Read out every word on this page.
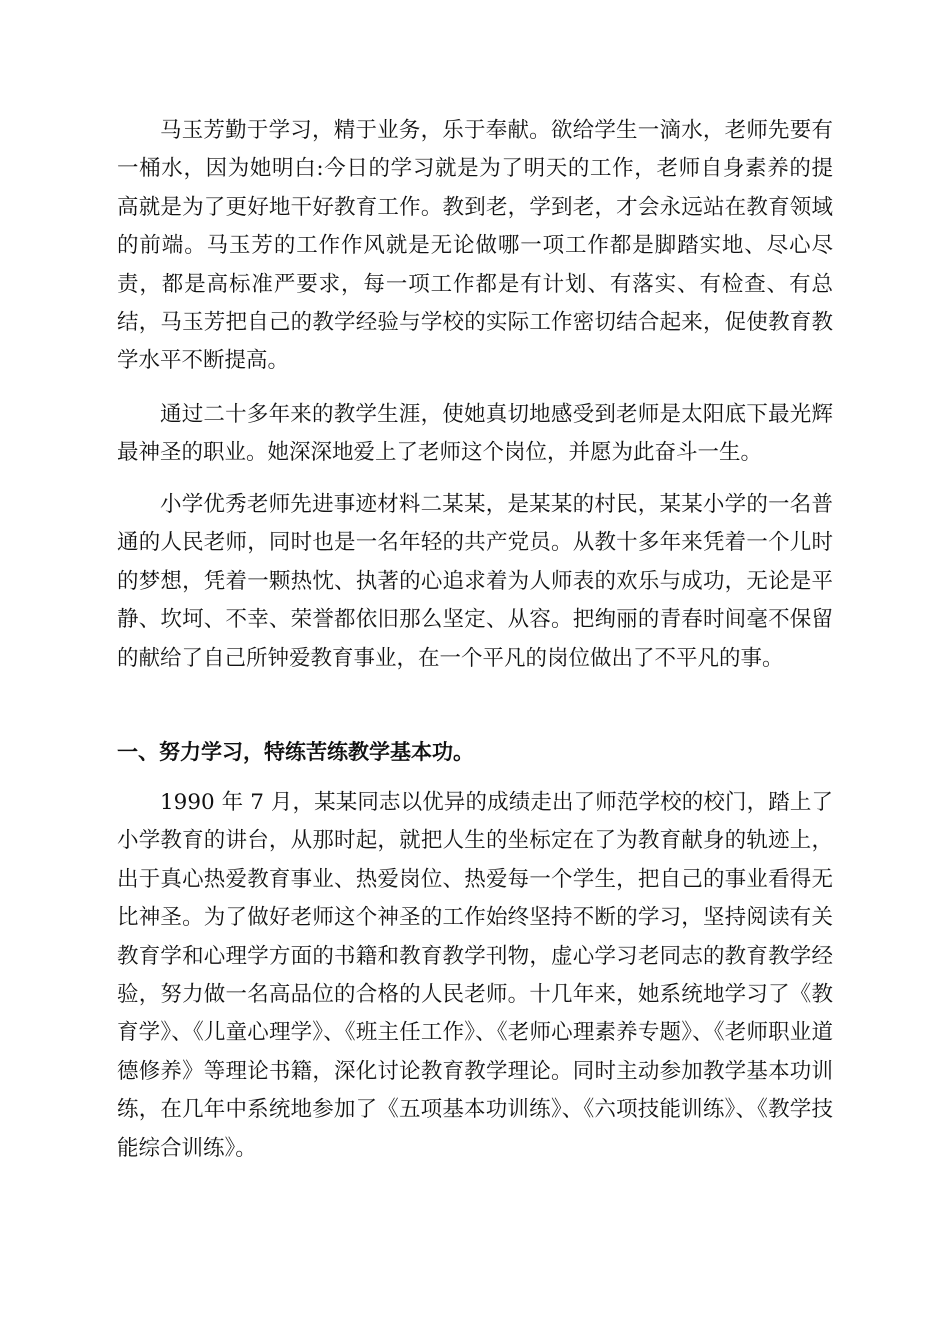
马玉芳勤于学习，精于业务，乐于奉献。欲给学生一滴水，老师先要有一桶水，因为她明白:今日的学习就是为了明天的工作，老师自身素养的提高就是为了更好地干好教育工作。教到老，学到老，才会永远站在教育领域的前端。马玉芳的工作作风就是无论做哪一项工作都是脚踏实地、尽心尽责，都是高标准严要求，每一项工作都是有计划、有落实、有检查、有总结，马玉芳把自己的教学经验与学校的实际工作密切结合起来，促使教育教学水平不断提高。

通过二十多年来的教学生涯，使她真切地感受到老师是太阳底下最光辉最神圣的职业。她深深地爱上了老师这个岗位，并愿为此奋斗一生。

小学优秀老师先进事迹材料二某某，是某某的村民，某某小学的一名普通的人民老师，同时也是一名年轻的共产党员。从教十多年来凭着一个儿时的梦想，凭着一颗热忱、执著的心追求着为人师表的欢乐与成功，无论是平静、坎坷、不幸、荣誉都依旧那么坚定、从容。把绚丽的青春时间毫不保留的献给了自己所钟爱教育事业，在一个平凡的岗位做出了不平凡的事。

一、努力学习，特练苦练教学基本功。

1990 年 7 月，某某同志以优异的成绩走出了师范学校的校门，踏上了小学教育的讲台，从那时起，就把人生的坐标定在了为教育献身的轨迹上，出于真心热爱教育事业、热爱岗位、热爱每一个学生，把自己的事业看得无比神圣。为了做好老师这个神圣的工作始终坚持不断的学习，坚持阅读有关教育学和心理学方面的书籍和教育教学刊物，虚心学习老同志的教育教学经验，努力做一名高品位的合格的人民老师。十几年来，她系统地学习了《教育学》、《儿童心理学》、《班主任工作》、《老师心理素养专题》、《老师职业道德修养》等理论书籍，深化讨论教育教学理论。同时主动参加教学基本功训练，在几年中系统地参加了《五项基本功训练》、《六项技能训练》、《教学技能综合训练》。
